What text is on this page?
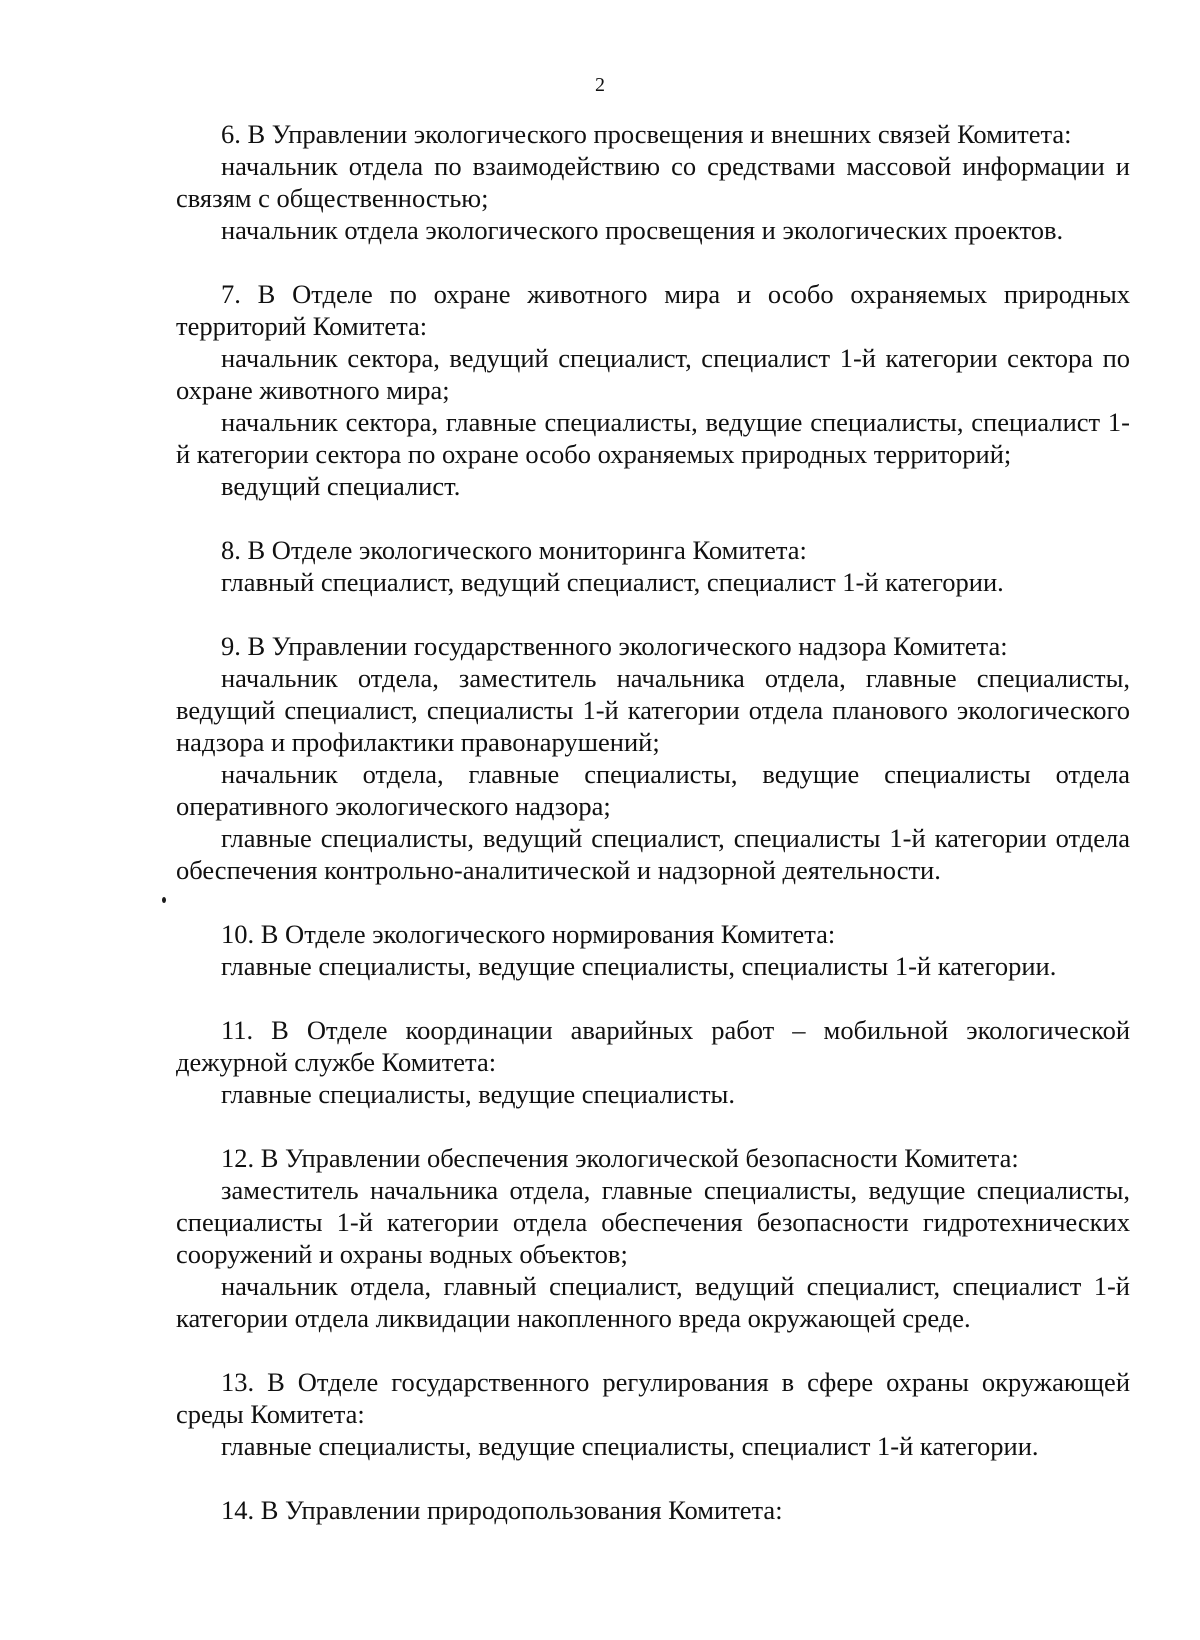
2

6. В Управлении экологического просвещения и внешних связей Комитета:

начальник отдела по взаимодействию со средствами массовой информации и связям с общественностью;

начальник отдела экологического просвещения и экологических проектов.

7. В Отделе по охране животного мира и особо охраняемых природных территорий Комитета:

начальник сектора, ведущий специалист, специалист 1-й категории сектора по охране животного мира;

начальник сектора, главные специалисты, ведущие специалисты, специалист 1-й категории сектора по охране особо охраняемых природных территорий;

ведущий специалист.

8. В Отделе экологического мониторинга Комитета:

главный специалист, ведущий специалист, специалист 1-й категории.

9. В Управлении государственного экологического надзора Комитета:

начальник отдела, заместитель начальника отдела, главные специалисты, ведущий специалист, специалисты 1-й категории отдела планового экологического надзора и профилактики правонарушений;

начальник отдела, главные специалисты, ведущие специалисты отдела оперативного экологического надзора;

главные специалисты, ведущий специалист, специалисты 1-й категории отдела обеспечения контрольно-аналитической и надзорной деятельности.

10. В Отделе экологического нормирования Комитета:

главные специалисты, ведущие специалисты, специалисты 1-й категории.

11. В Отделе координации аварийных работ – мобильной экологической дежурной службе Комитета:

главные специалисты, ведущие специалисты.

12. В Управлении обеспечения экологической безопасности Комитета:

заместитель начальника отдела, главные специалисты, ведущие специалисты, специалисты 1-й категории отдела обеспечения безопасности гидротехнических сооружений и охраны водных объектов;

начальник отдела, главный специалист, ведущий специалист, специалист 1-й категории отдела ликвидации накопленного вреда окружающей среде.

13. В Отделе государственного регулирования в сфере охраны окружающей среды Комитета:

главные специалисты, ведущие специалисты, специалист 1-й категории.

14. В Управлении природопользования Комитета:
